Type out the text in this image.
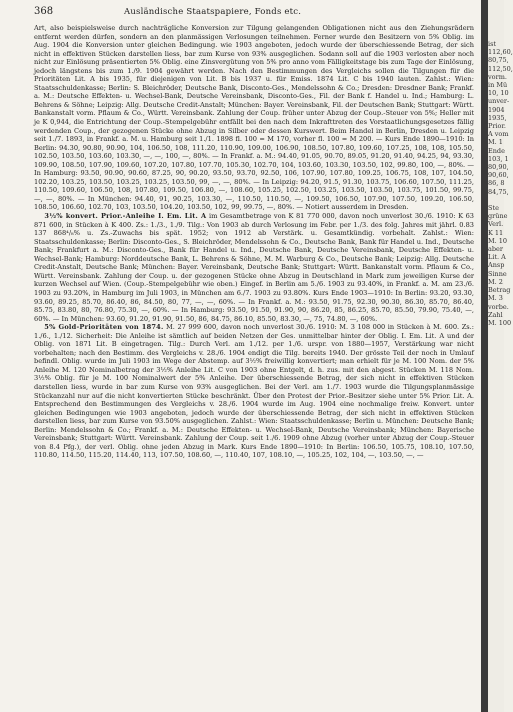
368	Ausländische Staatspapiere, Fonds etc.

Art, also beispielsweise durch nachträgliche Konversion zur Tilgung gelangenden Obligationen nicht aus den Ziehungsrädern entfernt werden dürfen, sondern an den planmässigen Verlosungen teilnehmen. Ferner wurde den Besitzern von 5% Oblig. im Aug. 1904 die Konversion unter gleichen Bedingung. wie 1903 angeboten, jedoch wurde der überschiessende Betrag, der sich nicht in effektiven Stücken darstellen liess, bar zum Kurse von 93% ausgeglichen. Sodann soll auf die 1903 verlosten aber noch nicht zur Einlösung präsentierten 5% Oblig. eine Zinsvergütung von 5% pro anno vom Fälligkeitstage bis zum Tage der Einlösung, jedoch längstens bis zum 1./9. 1904 gewährt werden. Nach den Bestimmungen des Vergleichs sollen die Tilgungen für die Prioritäten Lit. A bis 1935, für diejenigen von Lit. B bis 1937 u. für Emiss. 1874 Lit. C bis 1940 lauten. Zahlst.: Wien: Staatsschuldenkasse; Berlin: S. Bleichröder, Deutsche Bank, Disconto-Ges., Mendelssohn & Co.; Dresden: Dresdner Bank; Frankf. a. M.: Deutsche Effekten- u. Wechsel-Bank, Deutsche Vereinsbank, Disconto-Ges., Fil. der Bank f. Handel u. Ind.; Hamburg: L. Behrens & Söhne; Leipzig: Allg. Deutsche Credit-Anstalt; München: Bayer. Vereinsbank, Fil. der Deutschen Bank; Stuttgart: Württ. Bankanstalt vorm. Pflaum & Co., Württ. Vereinsbank. Zahlung der Coup. früher unter Abzug der Coup.-Steuer von 5%; Heller mit je K 0,944, die Entrichtung der Coup.-Stempelgebühr entfällt bei den nach dem Inkrafttreten des Vorstaatlichungsgesetzes fällig werdenden Coup., der gezogenen Stücke ohne Abzug in Silber oder dessen Kurswert. Beim Handel in Berlin, Dresden u. Leipzig seit 1./7. 1893, in Frankf. a. M. u. Hamburg seit 1./1. 1898 fl. 100 = M 170, vorher fl. 100 = M 200. — Kurs Ende 1890—1910: In Berlin: 94.30, 90.80, 90.90, 104, 106.50, 108, 111.20, 110.90, 109.00, 106.90, 108.50, 107.80, 109.60, 107.25, 108, 108, 105.50, 102.50, 103.50, 103.60, 103.30, —, —, 100, —, 80%. — In Frankf. a. M.: 94.40, 91.05, 90.70, 89.05, 91.20, 91.40, 94.25, 94, 93.30, 109.90, 108.50, 107.90, 109.60, 107.20, 107.80, 107.70, 105.30, 102.70, 104, 103.60, 103.30, 103.50, 102, 99.80, 100, —, 80%. — In Hamburg: 93.50, 90.90, 90.60, 87.25, 90, 90.20, 93.50, 93.70, 92.50, 106, 107.90, 107.80, 109.25, 106.75, 108, 107, 104.50, 102.20, 103.25, 103.50, 103.25, 103.25, 103.50, 99, —, —, 80%. — In Leipzig: 94.20, 91.5, 91.30, 103.75, 106.60, 107.50, 111.25, 110.50, 109.60, 106.50, 108, 107.80, 109.50, 106.80, —, 108.60, 105.25, 102.50, 103.25, 103.50, 103.50, 103.75, 101.50, 99.75, —, —, 80%. — In München: 94.40, 91, 90.25, 103.30, —, 110.50, 110.50, —, 109.50, 106.50, 107.90, 107.50, 109.20, 106.50, 108.50, 106.60, 102.70, 103, 103.50, 104.20, 103.50, 102, 99, 99.75, —, 80%. — Notiert ausserdem in Dresden.

3½% konvert. Prior.-Anleihe I. Em. Lit. A im Gesamtbetrage von K 81 770 000, davon noch unverlost 30./6. 1910: K 63 871 600, in Stücken à K 400. Zs.: 1./3., 1./9. Tilg.: Von 1903 ab durch Verlosung im Febr. per 1./3. des folg. Jahres mit jährl. 0.83 137 868⁴/₈% u. Zs.-Zuwachs bis spät. 1952; von 1912 ab Verstärk. u. Gesamtkündig. vorbehalt. Zahlst.: Wien: Staatsschuldenkasse; Berlin: Disconto-Ges., S. Bleichröder, Mendelssohn & Co., Deutsche Bank, Bank für Handel u. Ind., Deutsche Bank; Frankfurt a. M.: Disconto-Ges., Bank für Handel u. Ind., Deutsche Bank, Deutsche Vereinsbank, Deutsche Effekten- u. Wechsel-Bank; Hamburg: Norddeutsche Bank, L. Behrens & Söhne, M. M. Warburg & Co., Deutsche Bank; Leipzig: Allg. Deutsche Credit-Anstalt, Deutsche Bank; München: Bayer. Vereinsbank, Deutsche Bank; Stuttgart: Württ. Bankanstalt vorm. Pflaum & Co., Württ. Vereinsbank. Zahlung der Coup. u. der gezogenen Stücke ohne Abzug in Deutschland in Mark zum jeweiligen Kurse der kurzen Wechsel auf Wien. (Coup.-Stempelgebühr wie oben.) Eingef. in Berlin am 5./6. 1903 zu 93.40%, in Frankf. a. M. am 23./6. 1903 zu 93.20%, in Hamburg im Juli 1903, in München am 6./7. 1903 zu 93.80%. Kurs Ende 1903—1910: In Berlin: 93.20, 93.30, 93.60, 89.25, 85.70, 86.40, 86, 84.50, 80, 77, —, —, 60%. — In Frankf. a. M.: 93.50, 91.75, 92.30, 90.30, 86.30, 85.70, 86.40, 85.75, 83.80, 80, 76.80, 75.30, —, 60%. — In Hamburg: 93.50, 91.50, 91.90, 90, 86.20, 85, 86.25, 85.70, 85.50, 79.90, 75.40, —, 60%. — In München: 93.60, 91.20, 91.90, 91.50, 86, 84.75, 86.10, 85.50, 83.30, —, 75, 74.80, —, 60%.

5% Gold-Prioritäten von 1874. M. 27 999 600, davon noch unverlost 30./6. 1910: M. 3 108 000 in Stücken à M. 600. Zs.: 1./6., 1./12. Sicherheit: Die Anleihe ist sämtlich auf beiden Netzen der Ges. unmittelbar hinter der Oblig. I. Em. Lit. A und der Oblig. von 1871 Lit. B eingetragen. Tilg.: Durch Verl. am 1./12. per 1./6. urspr. von 1880—1957, Verstärkung war nicht vorbehalten; nach den Bestimm. des Vergleichs v. 28./6. 1904 endigt die Tilg. bereits 1940. Der grösste Teil der noch in Umlauf befindl. Oblig. wurde im Juli 1903 im Wege der Abstemp. auf 3½% freiwillig konvertiert; man erhielt für je M. 100 Nom. der 5% Anleihe M. 120 Nominalbetrag der 3½% Anleihe Lit. C von 1903 ohne Entgelt, d. h. zus. mit den abgest. Stücken M. 118 Nom. 3½% Oblig. für je M. 100 Nominalwert der 5% Anleihe. Der überschiessende Betrag, der sich nicht in effektiven Stücken darstellen liess, wurde in bar zum Kurse von 93% ausgeglichen. Bei der Verl. am 1./7. 1903 wurde die Tilgungsplanmässige Stückanzahl nur auf die nicht konvertierten Stücke beschränkt. Über den Protest der Prior.-Besitzer siehe unter 5% Prior. Lit. A. Entsprechend den Bestimmungen des Vergleichs v. 28./6. 1904 wurde im Aug. 1904 eine nochmalige freiw. Konvert. unter gleichen Bedingungen wie 1903 angeboten, jedoch wurde der überschiessende Betrag, der sich nicht in effektiven Stücken darstellen liess, bar zum Kurse von 93.50% ausgeglichen. Zahlst.: Wien: Staatsschuldenkasse; Berlin u. München: Deutsche Bank; Berlin: Mendelssohn & Co.; Frankf. a. M.: Deutsche Effekten- u. Wechsel-Bank, Deutsche Vereinsbank; München: Bayerische Vereinsbank; Stuttgart: Württ. Vereinsbank. Zahlung der Coup. seit 1./6. 1909 ohne Abzug (vorher unter Abzug der Coup.-Steuer von 8.4 Pfg.), der verl. Oblig. ohne jeden Abzug in Mark. Kurs Ende 1890—1910: In Berlin: 106.50, 105.75, 108.10, 107.50, 110.80, 114.50, 115.20, 114.40, 113, 107.50, 108.60, —, 110.40, 107, 108.10, —, 105.25, 102, 104, —, 103.50, —, —

ist
112,60,
80,75,
112,50,
vorm.
in Mü
10, 10
unver-
1904
1935,
Prior.
A vom
M. 1
Ende
103, 1
80,90,
90,60,
86, 8
84,75,

Ste
grüne
Verl.
K 11
M. 10
aber
Lit. A
Ansp
Sinne
M. 2
Betrag
M. 3
vorbe.
Zahl
M. 100
